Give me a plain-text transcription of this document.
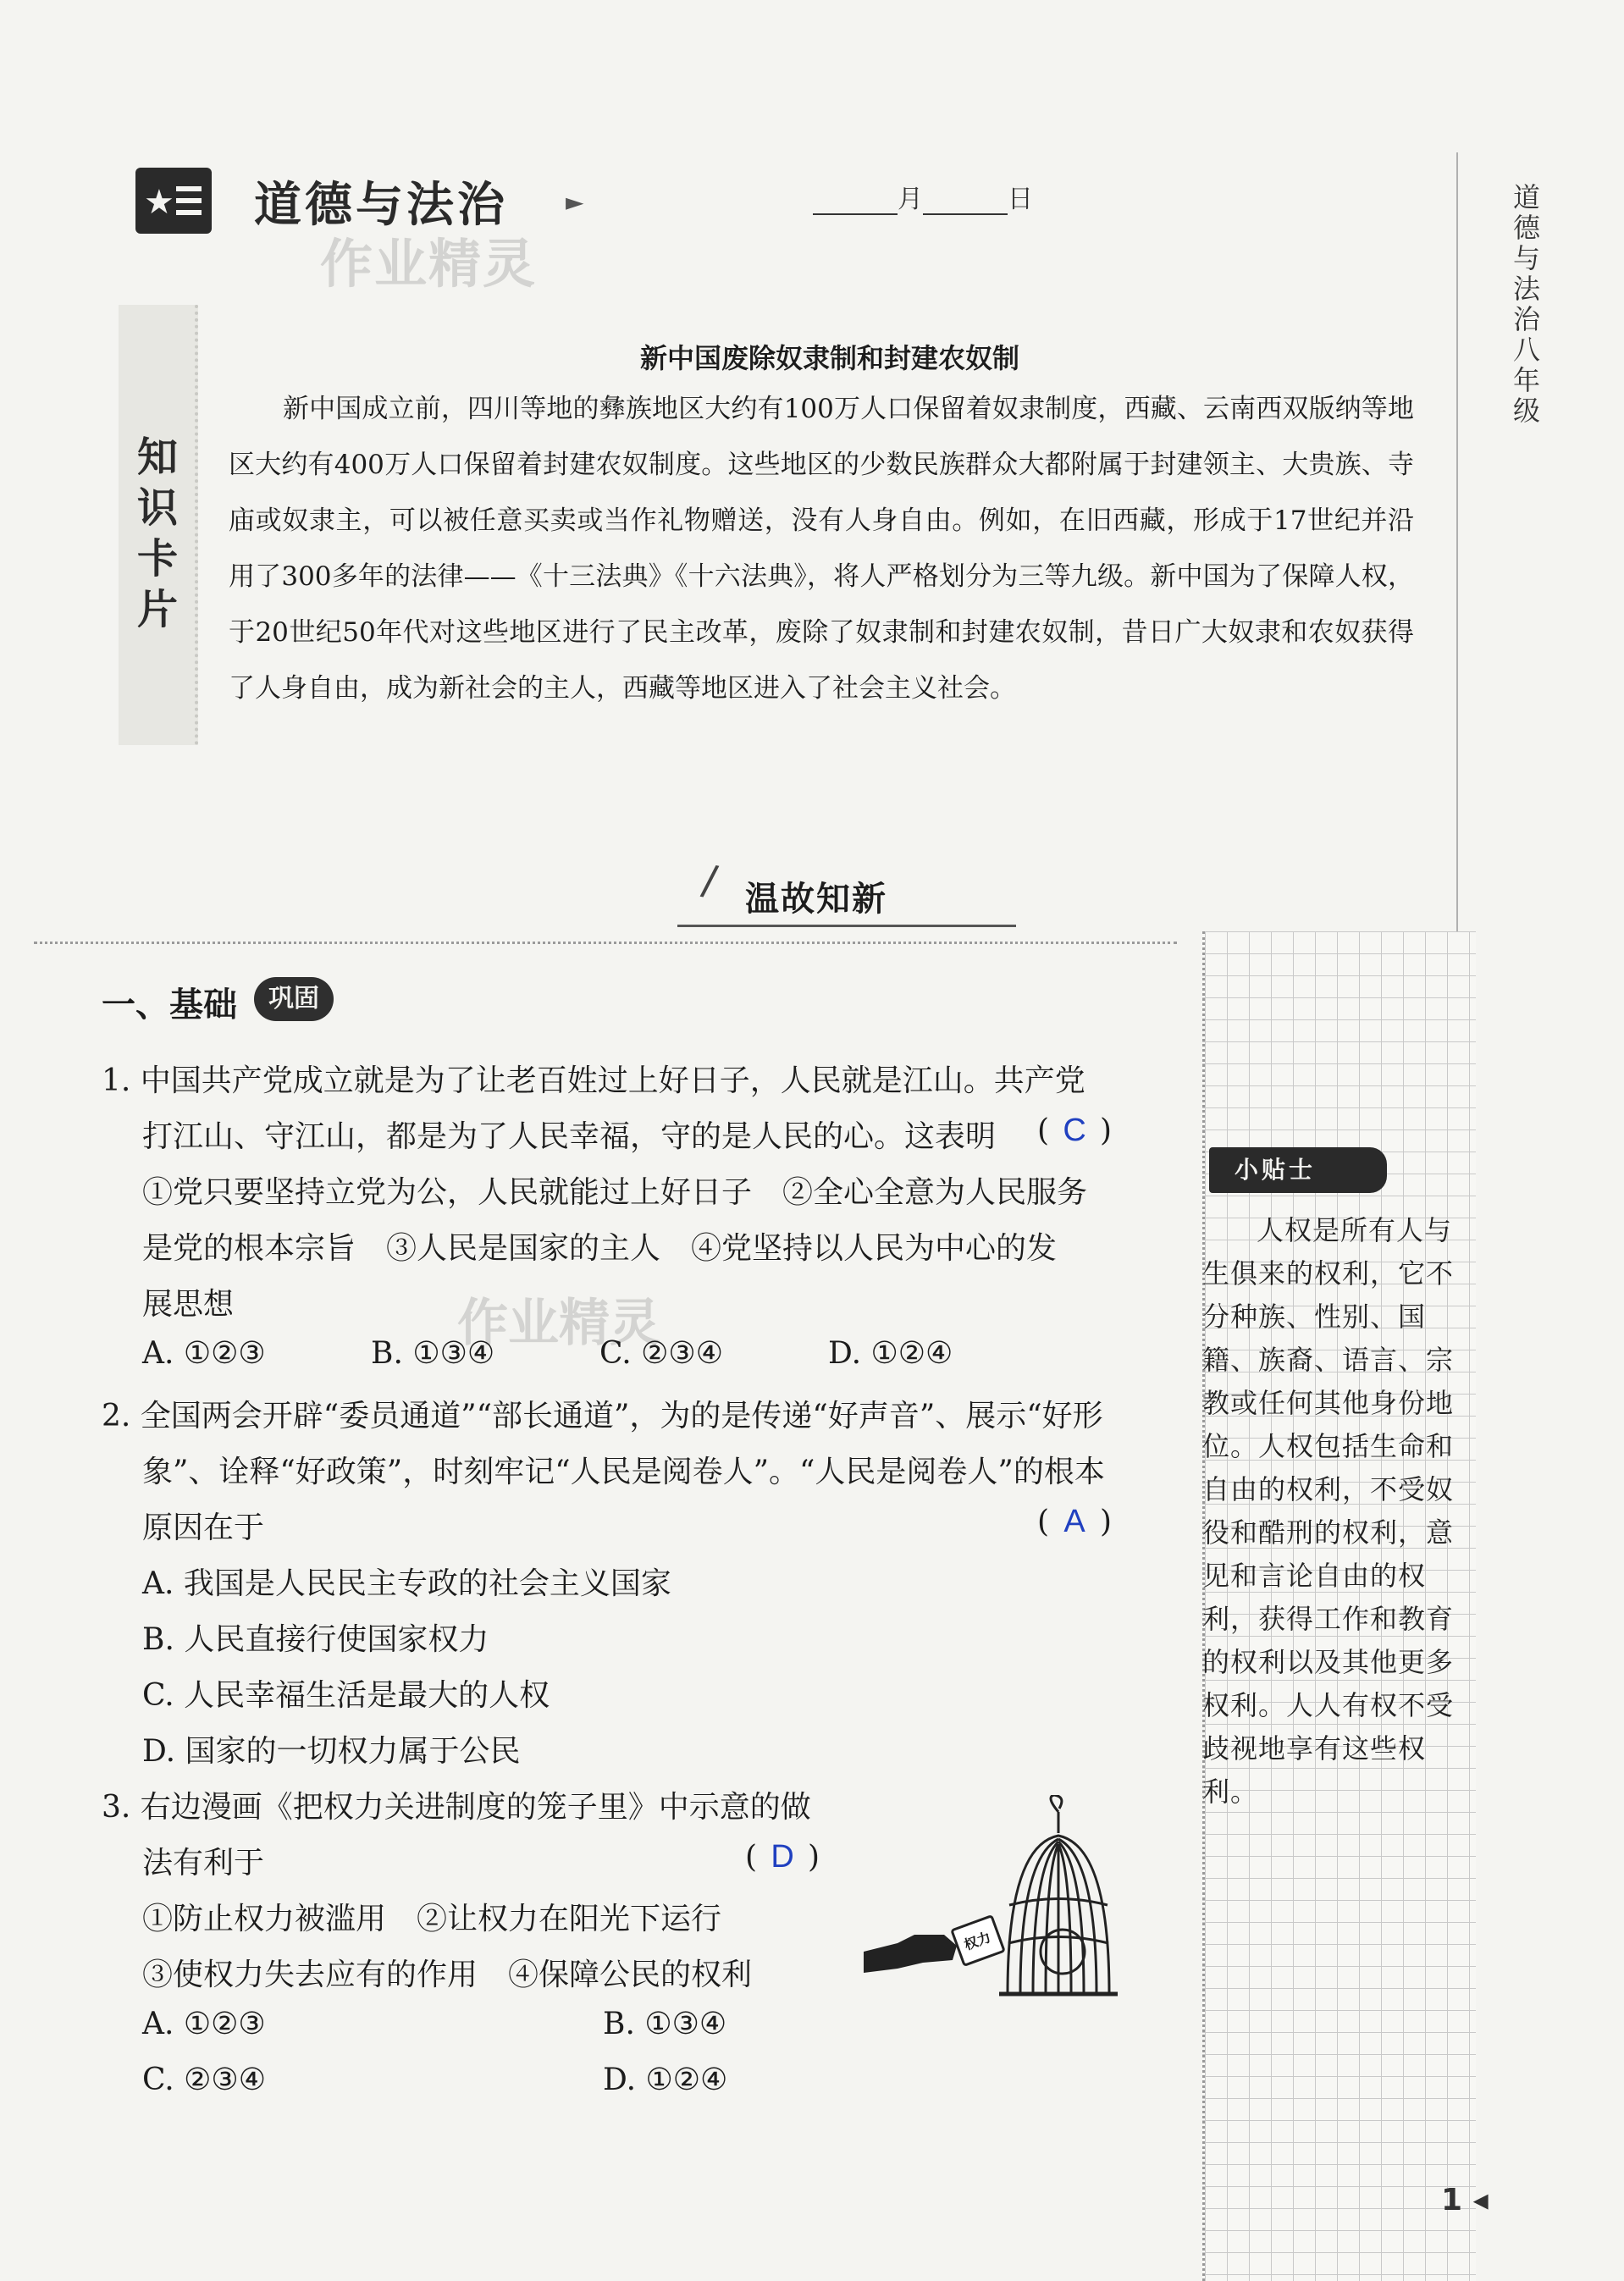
★ 道德与法治 ►
作业精灵
月	日	道德与法治 八年级
知识卡片
新中国废除奴隶制和封建农奴制
新中国成立前，四川等地的彝族地区大约有100万人口保留着奴隶制度，西藏、云南西双版纳等地区大约有400万人口保留着封建农奴制度。这些地区的少数民族群众大都附属于封建领主、大贵族、寺庙或奴隶主，可以被任意买卖或当作礼物赠送，没有人身自由。例如，在旧西藏，形成于17世纪并沿用了300多年的法律——《十三法典》《十六法典》，将人严格划分为三等九级。新中国为了保障人权，于20世纪50年代对这些地区进行了民主改革，废除了奴隶制和封建农奴制，昔日广大奴隶和农奴获得了人身自由，成为新社会的主人，西藏等地区进入了社会主义社会。
/ 温故知新
一、基础	巩固
作业精灵
1. 中国共产党成立就是为了让老百姓过上好日子，人民就是江山。共产党
打江山、守江山，都是为了人民幸福，守的是人民的心。这表明 ( C )
①党只要坚持立党为公，人民就能过上好日子　②全心全意为人民服务
是党的根本宗旨　③人民是国家的主人　④党坚持以人民为中心的发
展思想
A. ①②③	B. ①③④	C. ②③④	D. ①②④
2. 全国两会开辟“委员通道”“部长通道”，为的是传递“好声音”、展示“好形
象”、诠释“好政策”，时刻牢记“人民是阅卷人”。“人民是阅卷人”的根本
原因在于	( A )
A. 我国是人民民主专政的社会主义国家
B. 人民直接行使国家权力
C. 人民幸福生活是最大的人权
D. 国家的一切权力属于公民
3. 右边漫画《把权力关进制度的笼子里》中示意的做
法有利于	( D )
①防止权力被滥用　②让权力在阳光下运行
③使权力失去应有的作用　④保障公民的权利
A. ①②③	B. ①③④
C. ②③④	D. ①②④
权力
小贴士
人权是所有人与生俱来的权利，它不分种族、性别、国籍、族裔、语言、宗教或任何其他身份地位。人权包括生命和自由的权利，不受奴役和酷刑的权利，意见和言论自由的权利，获得工作和教育的权利以及其他更多权利。人人有权不受歧视地享有这些权利。
1 ◂
